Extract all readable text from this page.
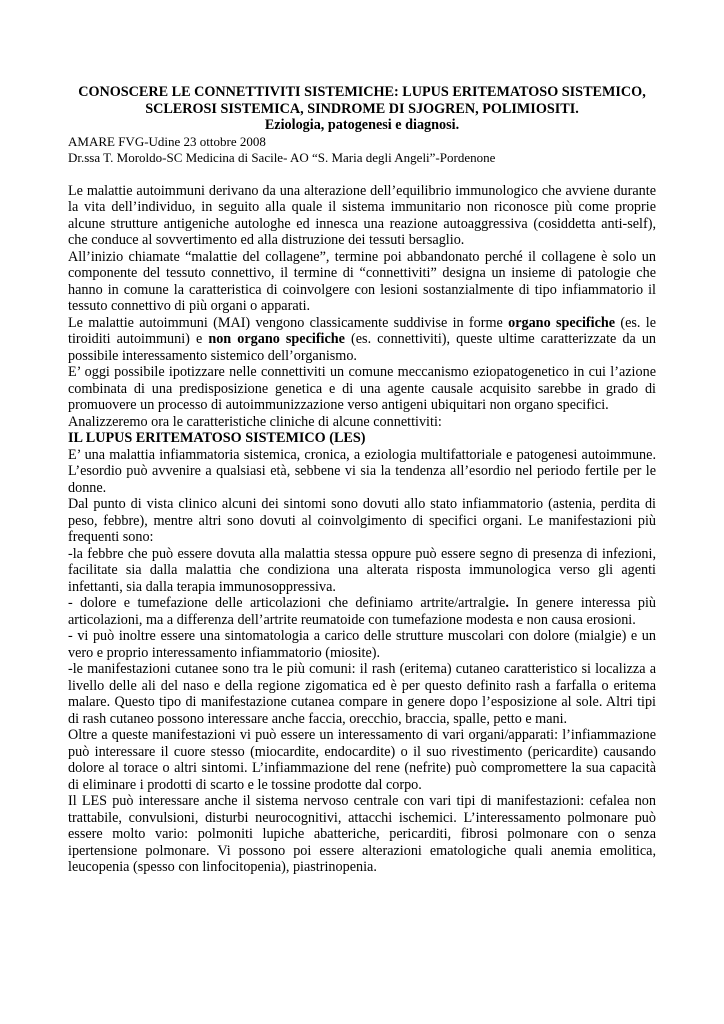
CONOSCERE LE CONNETTIVITI SISTEMICHE: LUPUS ERITEMATOSO SISTEMICO,

SCLEROSI SISTEMICA, SINDROME DI SJOGREN, POLIMIOSITI.

Eziologia, patogenesi e diagnosi.

AMARE FVG-Udine 23 ottobre 2008

Dr.ssa T. Moroldo-SC Medicina di Sacile- AO “S. Maria degli Angeli”-Pordenone

Le malattie autoimmuni derivano da una alterazione dell’equilibrio immunologico che avviene durante la vita dell’individuo, in seguito alla quale il sistema immunitario non riconosce più come proprie alcune strutture antigeniche autologhe ed innesca una reazione autoaggressiva (cosiddetta anti-self), che conduce al sovvertimento ed alla distruzione dei tessuti bersaglio.

All’inizio chiamate “malattie del collagene”, termine poi abbandonato perché il collagene è solo un componente del tessuto connettivo, il termine di “connettiviti” designa un insieme di patologie che hanno in comune la caratteristica di coinvolgere con lesioni sostanzialmente di tipo infiammatorio il tessuto connettivo di più organi o apparati.

Le malattie autoimmuni (MAI) vengono classicamente suddivise in forme organo specifiche (es. le tiroiditi autoimmuni) e non organo specifiche (es. connettiviti), queste ultime caratterizzate da un possibile interessamento sistemico dell’organismo.

E’ oggi possibile ipotizzare nelle connettiviti un comune meccanismo eziopatogenetico in cui l’azione combinata di una predisposizione genetica e di una agente causale acquisito sarebbe in grado di promuovere un processo di autoimmunizzazione verso antigeni ubiquitari non organo specifici.

Analizzeremo ora le caratteristiche cliniche di alcune connettiviti:

IL LUPUS ERITEMATOSO SISTEMICO (LES)

E’ una malattia infiammatoria sistemica, cronica, a eziologia multifattoriale e patogenesi autoimmune. L’esordio può avvenire a qualsiasi età, sebbene vi sia la tendenza all’esordio nel periodo fertile per le donne.

Dal punto di vista clinico alcuni dei sintomi sono dovuti allo stato infiammatorio (astenia, perdita di peso, febbre), mentre altri sono dovuti al coinvolgimento di specifici organi. Le manifestazioni più frequenti sono:

-la febbre che può essere dovuta alla malattia stessa oppure può essere segno di presenza di infezioni, facilitate sia dalla malattia che condiziona una alterata risposta immunologica verso gli agenti infettanti, sia dalla terapia immunosoppressiva.

- dolore e tumefazione delle articolazioni che definiamo artrite/artralgie. In genere interessa più articolazioni, ma a differenza dell’artrite reumatoide con tumefazione modesta e non causa erosioni.

- vi può inoltre essere una sintomatologia a carico delle strutture muscolari con dolore (mialgie) e un vero e proprio interessamento infiammatorio (miosite).

-le manifestazioni cutanee sono tra le più comuni: il rash (eritema) cutaneo caratteristico si localizza a livello delle ali del naso e della regione zigomatica ed è per questo definito rash a farfalla o eritema malare. Questo tipo di manifestazione cutanea compare in genere dopo l’esposizione al sole. Altri tipi di rash cutaneo possono interessare anche faccia, orecchio, braccia, spalle, petto e mani.

Oltre a queste manifestazioni vi può essere un interessamento di vari organi/apparati: l’infiammazione può interessare il cuore stesso (miocardite, endocardite) o il suo rivestimento (pericardite) causando dolore al torace o altri sintomi. L’infiammazione del rene (nefrite) può compromettere la sua capacità di eliminare i prodotti di scarto e le tossine prodotte dal corpo.

Il LES può interessare anche il sistema nervoso centrale con vari tipi di manifestazioni: cefalea non trattabile, convulsioni, disturbi neurocognitivi, attacchi ischemici. L’interessamento polmonare può essere molto vario: polmoniti lupiche abatteriche, pericarditi, fibrosi polmonare con o senza ipertensione polmonare. Vi possono poi essere alterazioni ematologiche quali anemia emolitica, leucopenia (spesso con linfocitopenia), piastrinopenia.
